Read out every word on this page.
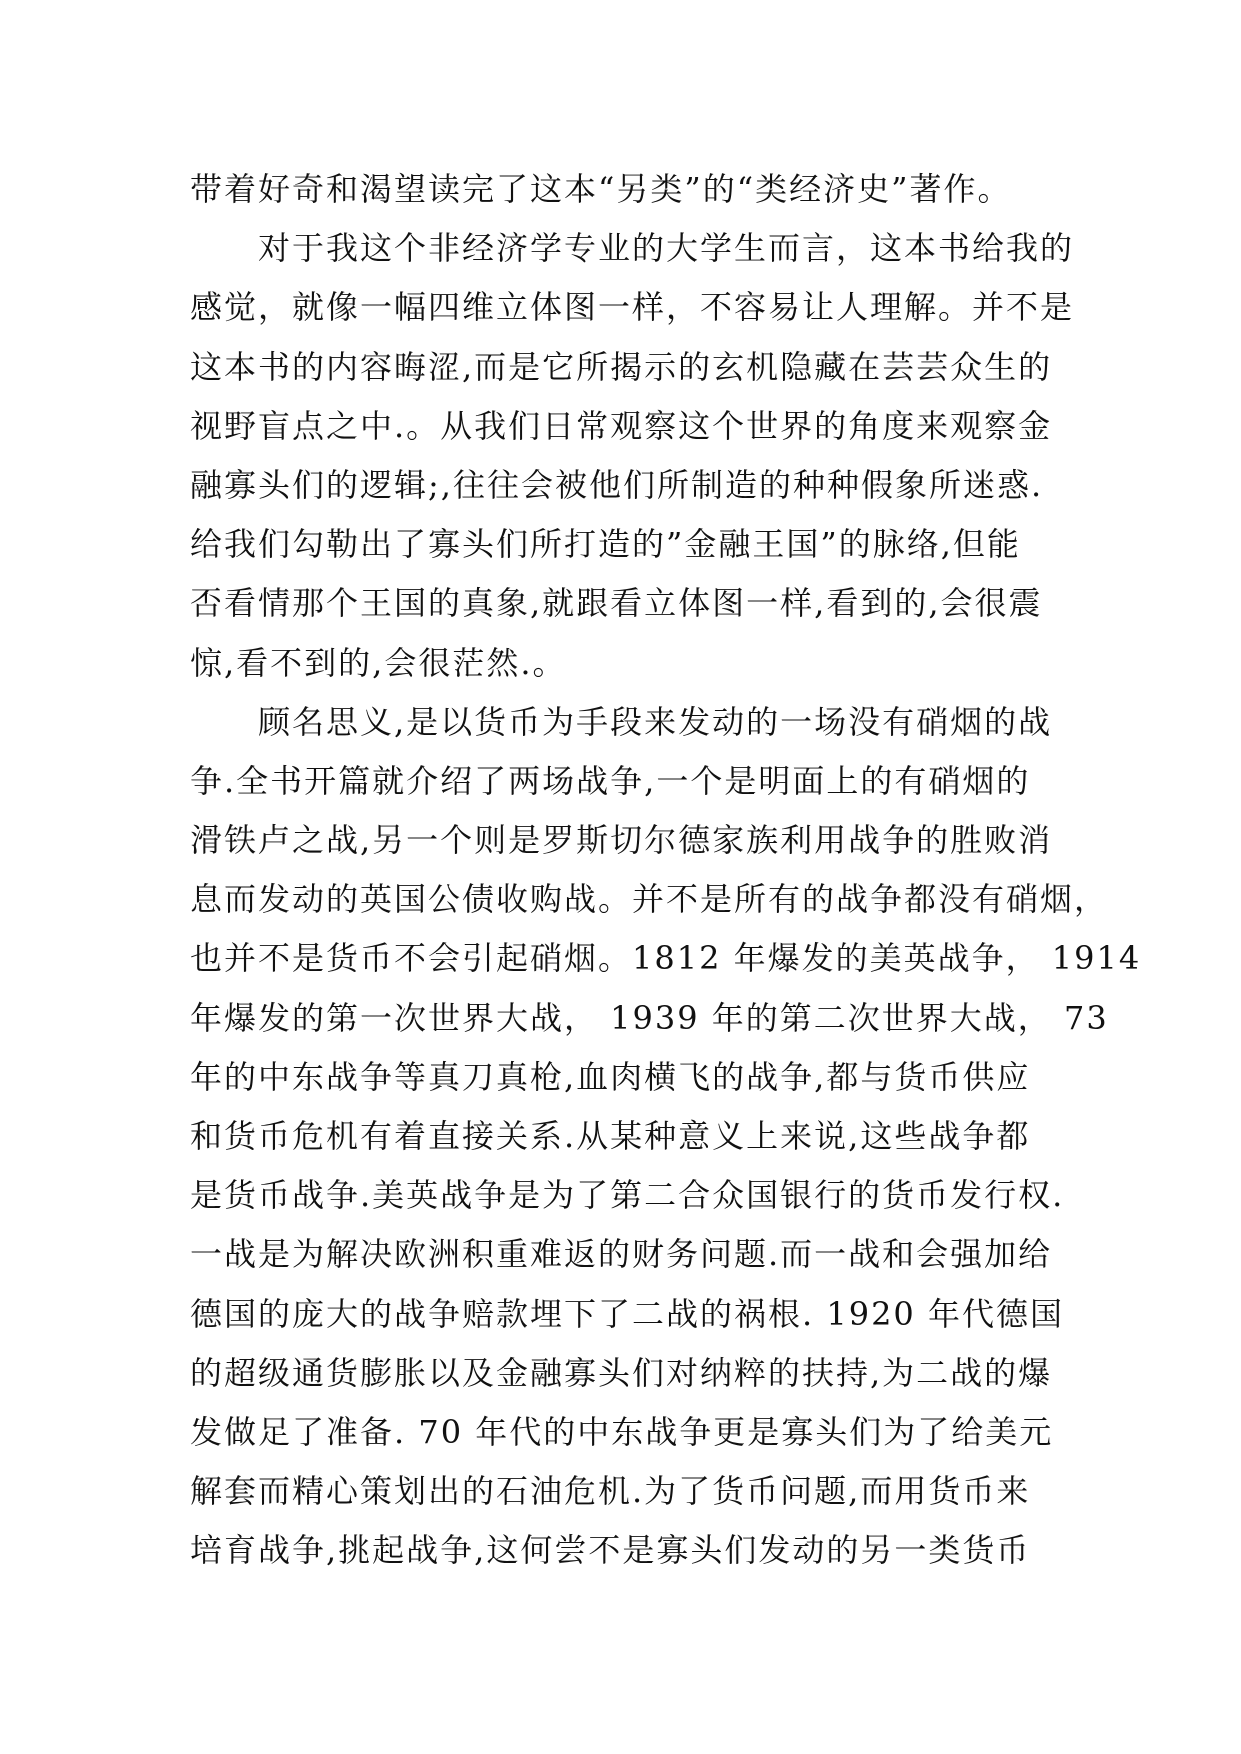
带着好奇和渴望读完了这本“另类”的“类经济史”著作。
　　对于我这个非经济学专业的大学生而言，这本书给我的
感觉，就像一幅四维立体图一样，不容易让人理解。并不是
这本书的内容晦涩,而是它所揭示的玄机隐藏在芸芸众生的
视野盲点之中.。从我们日常观察这个世界的角度来观察金
融寡头们的逻辑;,往往会被他们所制造的种种假象所迷惑.
给我们勾勒出了寡头们所打造的”金融王国”的脉络,但能
否看情那个王国的真象,就跟看立体图一样,看到的,会很震
惊,看不到的,会很茫然.。
　　顾名思义,是以货币为手段来发动的一场没有硝烟的战
争.全书开篇就介绍了两场战争,一个是明面上的有硝烟的
滑铁卢之战,另一个则是罗斯切尔德家族利用战争的胜败消
息而发动的英国公债收购战。并不是所有的战争都没有硝烟，
也并不是货币不会引起硝烟。1812 年爆发的美英战争， 1914
年爆发的第一次世界大战， 1939 年的第二次世界大战， 73
年的中东战争等真刀真枪,血肉横飞的战争,都与货币供应
和货币危机有着直接关系.从某种意义上来说,这些战争都
是货币战争.美英战争是为了第二合众国银行的货币发行权.
一战是为解决欧洲积重难返的财务问题.而一战和会强加给
德国的庞大的战争赔款埋下了二战的祸根. 1920 年代德国
的超级通货膨胀以及金融寡头们对纳粹的扶持,为二战的爆
发做足了准备. 70 年代的中东战争更是寡头们为了给美元
解套而精心策划出的石油危机.为了货币问题,而用货币来
培育战争,挑起战争,这何尝不是寡头们发动的另一类货币
